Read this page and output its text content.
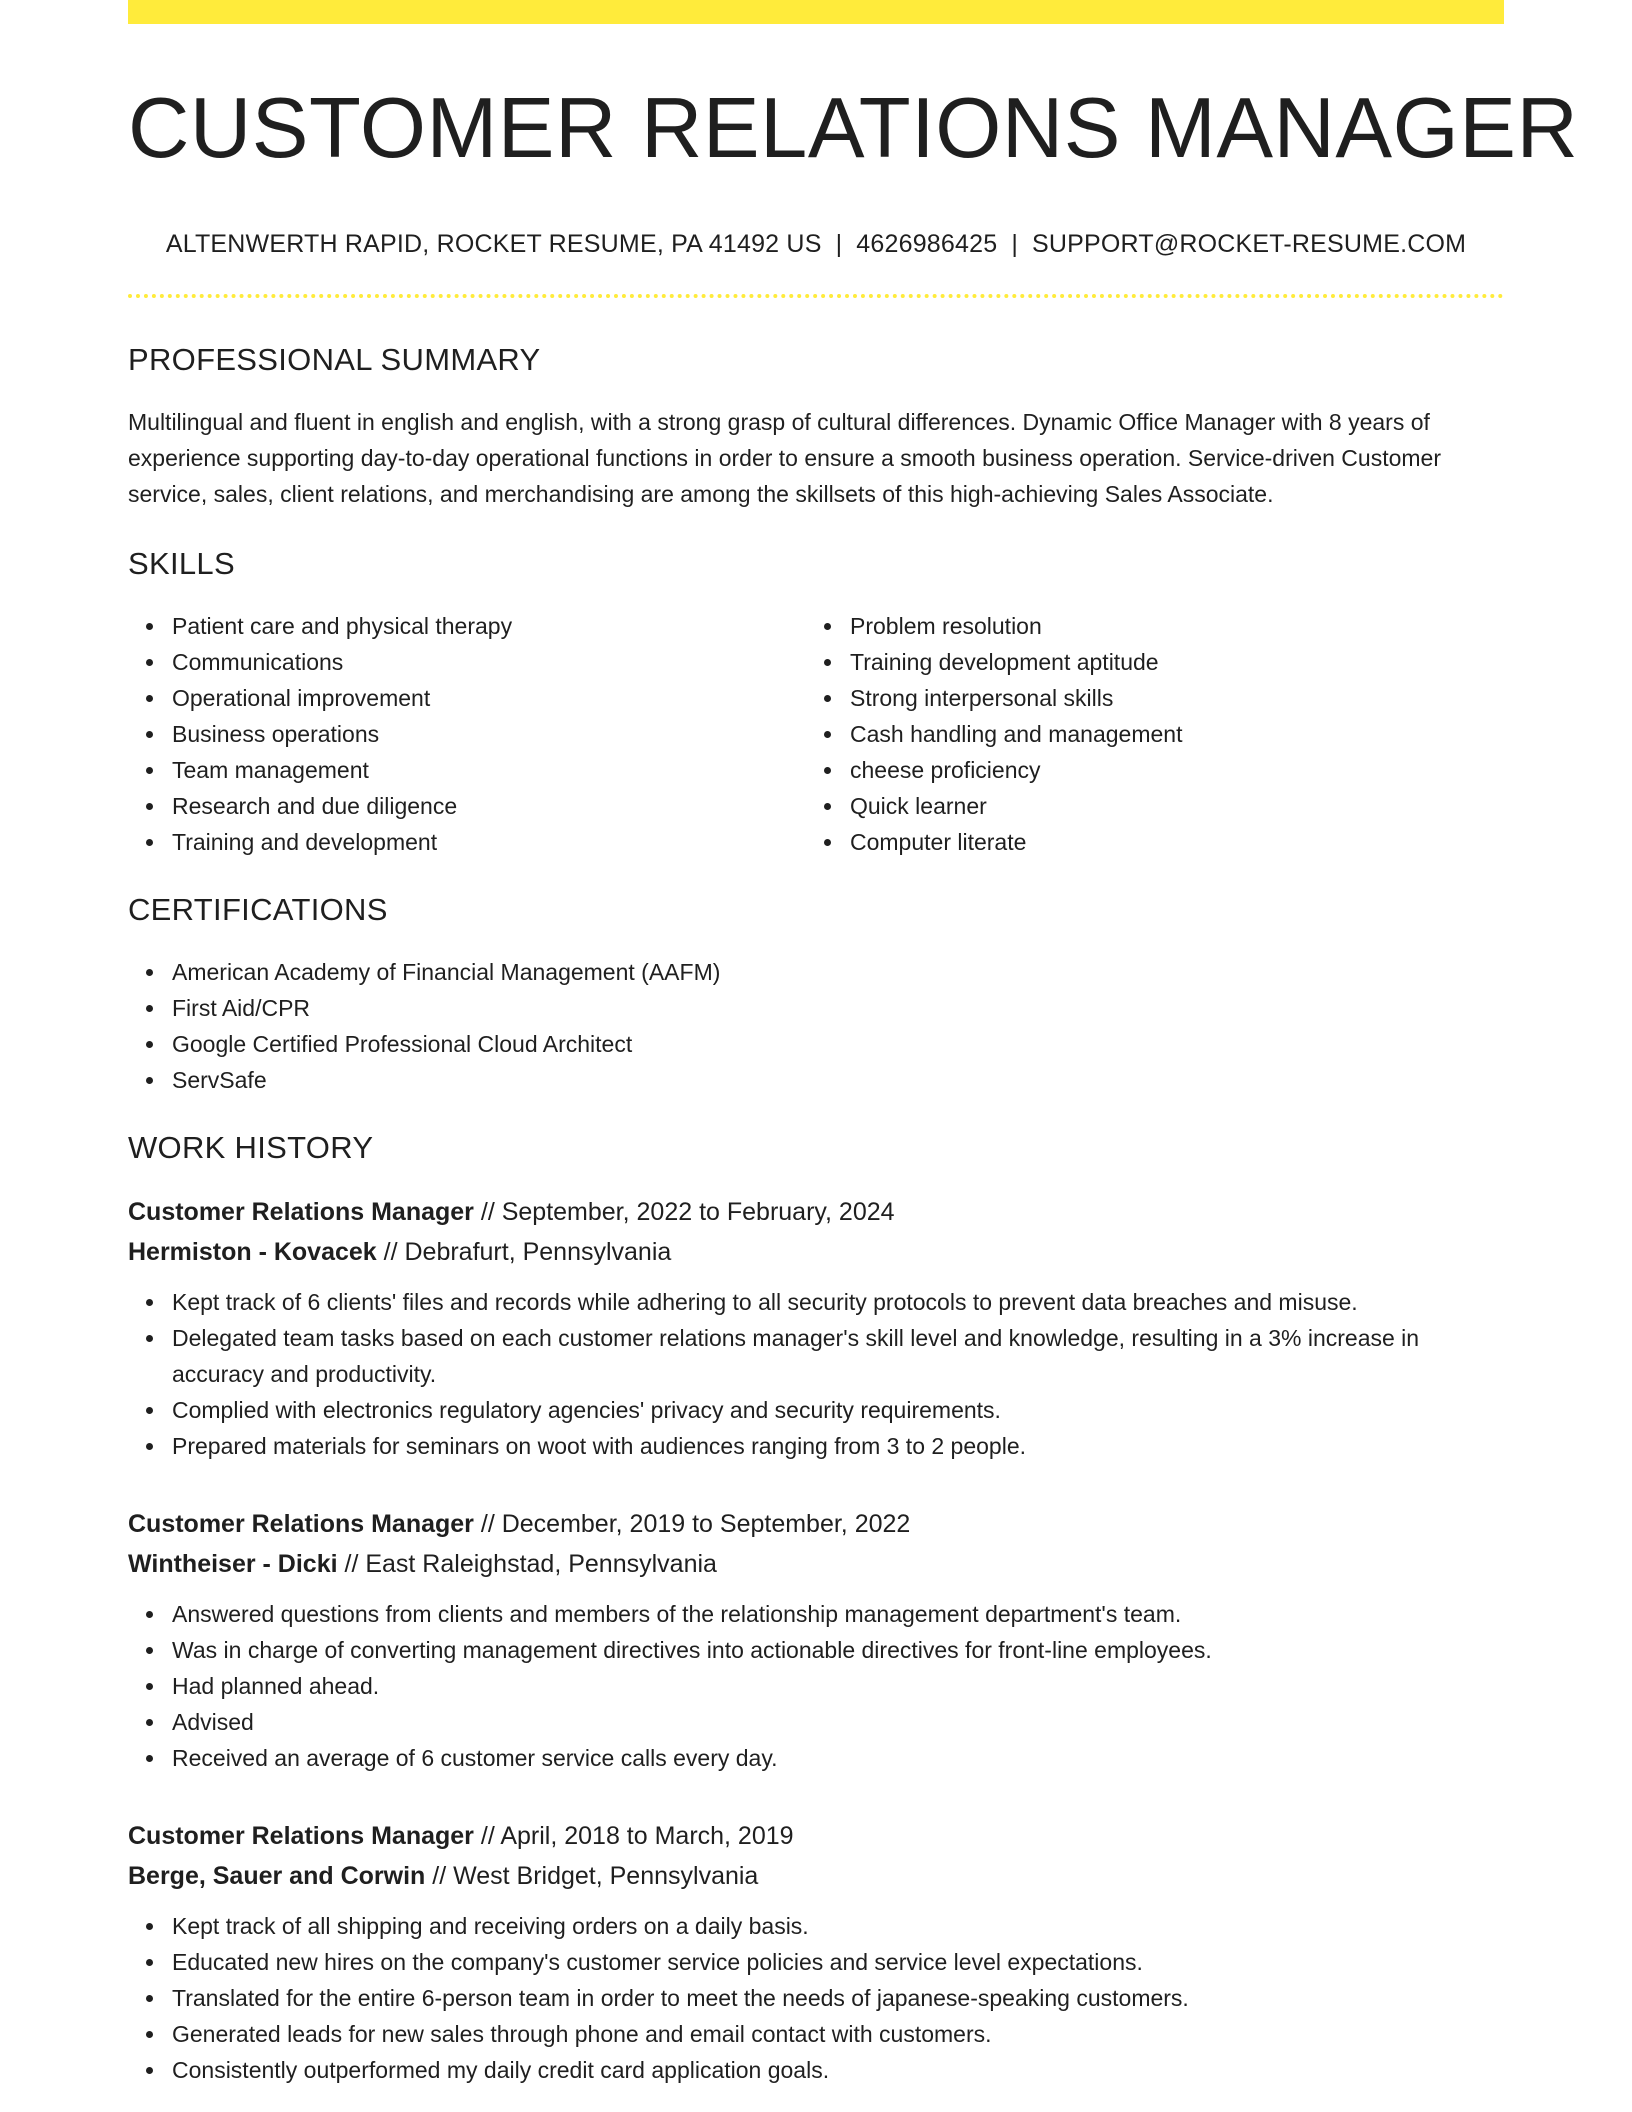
CUSTOMER RELATIONS MANAGER
ALTENWERTH RAPID, ROCKET RESUME, PA 41492 US | 4626986425 | SUPPORT@ROCKET-RESUME.COM
PROFESSIONAL SUMMARY

Multilingual and fluent in english and english, with a strong grasp of cultural differences. Dynamic Office Manager with 8 years of experience supporting day-to-day operational functions in order to ensure a smooth business operation. Service-driven Customer service, sales, client relations, and merchandising are among the skillsets of this high-achieving Sales Associate.

SKILLS
Patient care and physical therapy
Communications
Operational improvement
Business operations
Team management
Research and due diligence
Training and development
Problem resolution
Training development aptitude
Strong interpersonal skills
Cash handling and management
cheese proficiency
Quick learner
Computer literate
CERTIFICATIONS
American Academy of Financial Management (AAFM)
First Aid/CPR
Google Certified Professional Cloud Architect
ServSafe
WORK HISTORY
Customer Relations Manager // September, 2022 to February, 2024
Hermiston - Kovacek // Debrafurt, Pennsylvania
Kept track of 6 clients' files and records while adhering to all security protocols to prevent data breaches and misuse.
Delegated team tasks based on each customer relations manager's skill level and knowledge, resulting in a 3% increase in accuracy and productivity.
Complied with electronics regulatory agencies' privacy and security requirements.
Prepared materials for seminars on woot with audiences ranging from 3 to 2 people.
Customer Relations Manager // December, 2019 to September, 2022
Wintheiser - Dicki // East Raleighstad, Pennsylvania
Answered questions from clients and members of the relationship management department's team.
Was in charge of converting management directives into actionable directives for front-line employees.
Had planned ahead.
Advised
Received an average of 6 customer service calls every day.
Customer Relations Manager // April, 2018 to March, 2019
Berge, Sauer and Corwin // West Bridget, Pennsylvania
Kept track of all shipping and receiving orders on a daily basis.
Educated new hires on the company's customer service policies and service level expectations.
Translated for the entire 6-person team in order to meet the needs of japanese-speaking customers.
Generated leads for new sales through phone and email contact with customers.
Consistently outperformed my daily credit card application goals.
